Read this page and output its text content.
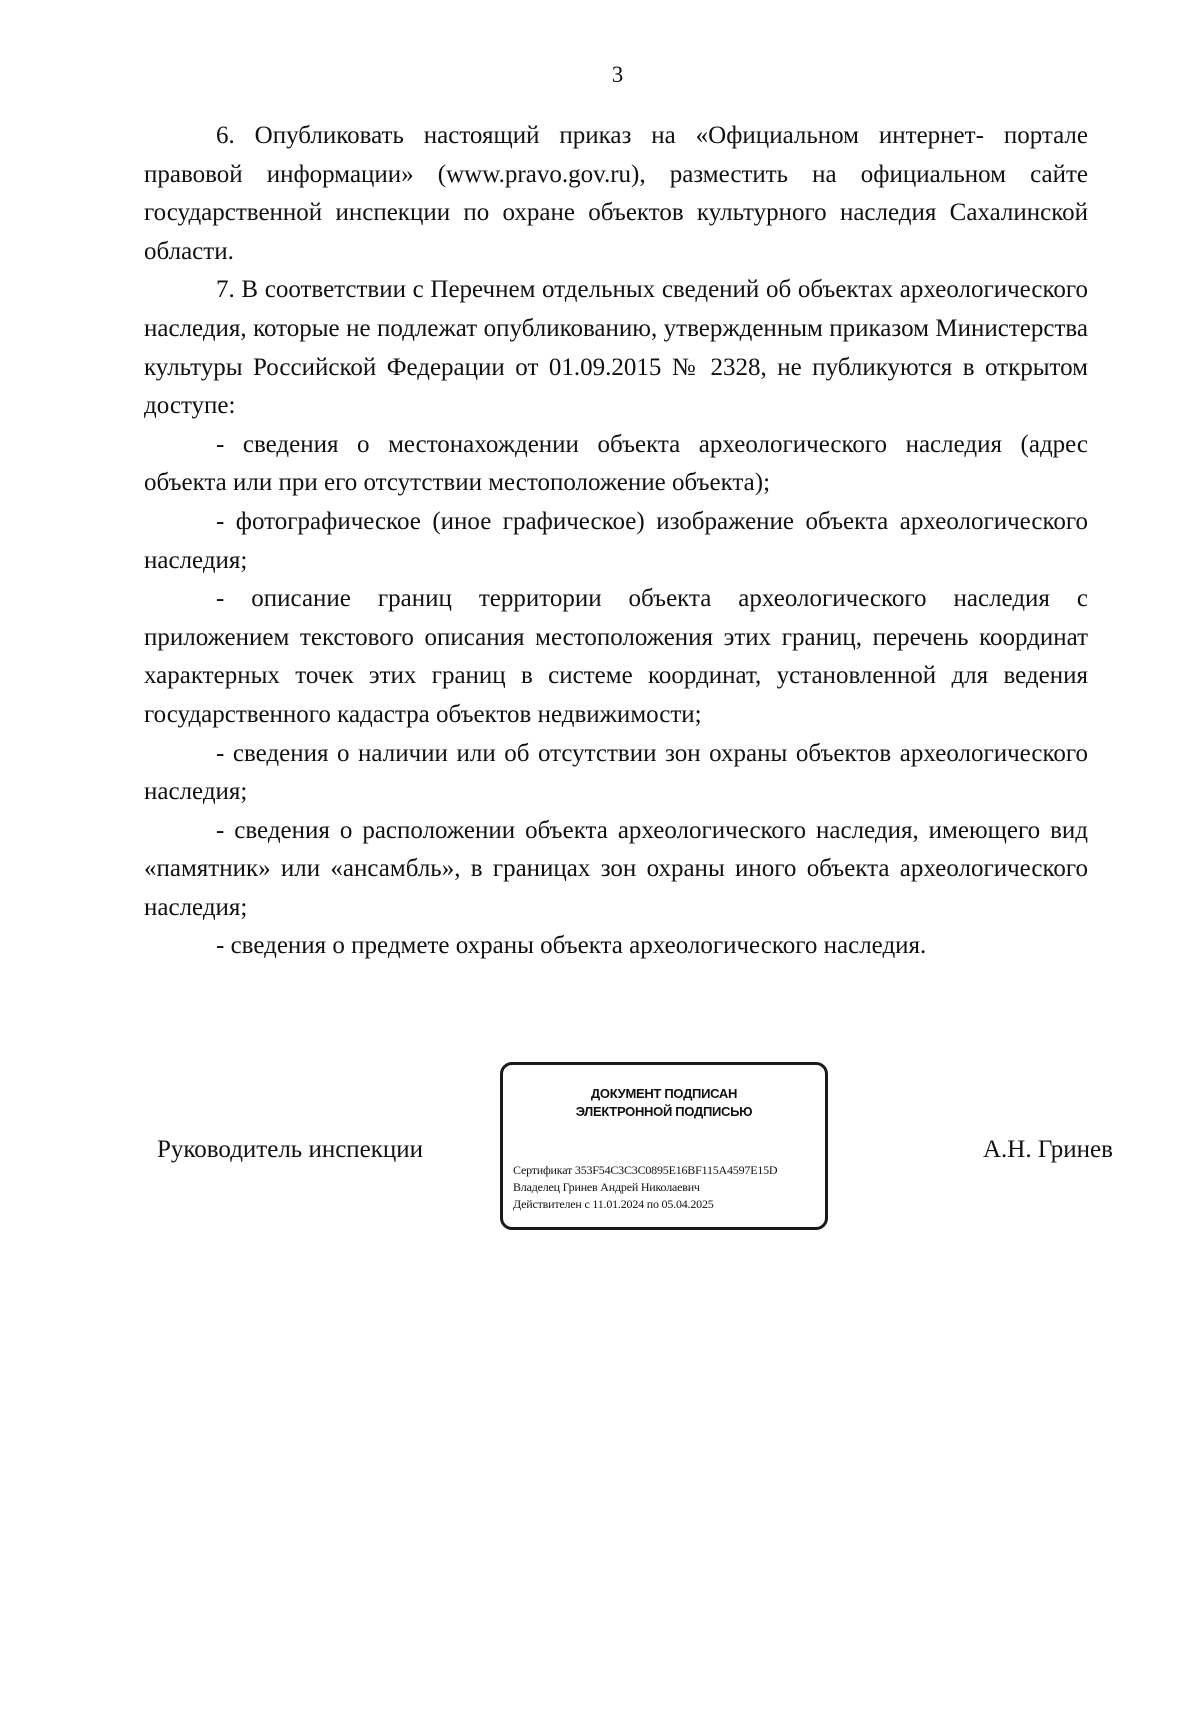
3

6. Опубликовать настоящий приказ на «Официальном интернет- портале правовой информации» (www.pravo.gov.ru), разместить на официальном сайте государственной инспекции по охране объектов культурного наследия Сахалинской области.

7. В соответствии с Перечнем отдельных сведений об объектах археологического наследия, которые не подлежат опубликованию, утвержденным приказом Министерства культуры Российской Федерации от 01.09.2015 № 2328, не публикуются в открытом доступе:

- сведения о местонахождении объекта археологического наследия (адрес объекта или при его отсутствии местоположение объекта);

- фотографическое (иное графическое) изображение объекта археологического наследия;

- описание границ территории объекта археологического наследия с приложением текстового описания местоположения этих границ, перечень координат характерных точек этих границ в системе координат, установленной для ведения государственного кадастра объектов недвижимости;

- сведения о наличии или об отсутствии зон охраны объектов археологического наследия;

- сведения о расположении объекта археологического наследия, имеющего вид «памятник» или «ансамбль», в границах зон охраны иного объекта археологического наследия;

- сведения о предмете охраны объекта археологического наследия.

Руководитель инспекции
ДОКУМЕНТ ПОДПИСАН
ЭЛЕКТРОННОЙ ПОДПИСЬЮ
Сертификат 353F54C3C3C0895E16BF115A4597E15D
Владелец Гринев Андрей Николаевич
Действителен с 11.01.2024 по 05.04.2025
А.Н. Гринев
